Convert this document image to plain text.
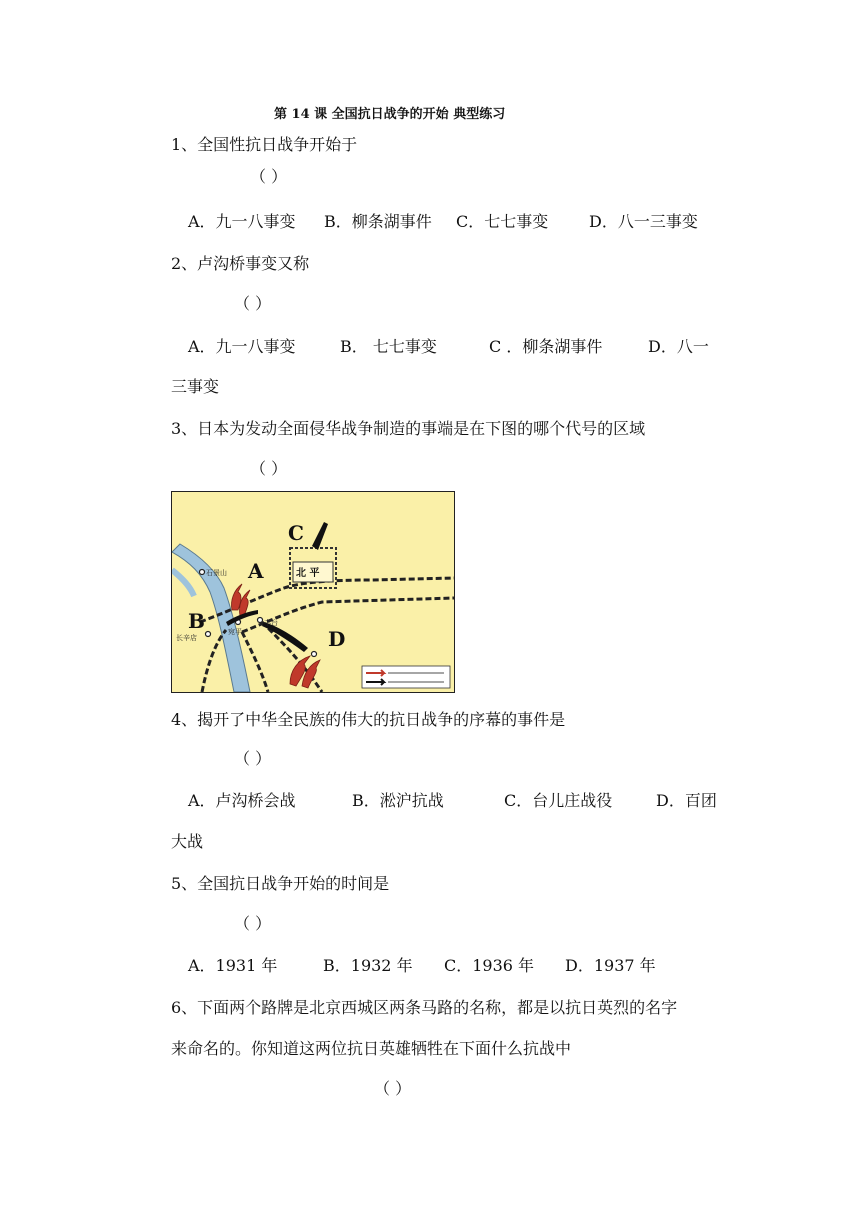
第 14 课 全国抗日战争的开始 典型练习
1、全国性抗日战争开始于
（ ）
A．九一八事变 B．柳条湖事件 C．七七事变	D．八一三事变
2、卢沟桥事变又称
（ ）
A．九一八事变	B． 七七事变	C ．柳条湖事件	D．八一
三事变
3、日本为发动全面侵华战争制造的事端是在下图的哪个代号的区域
（ ）
A
B
C
D
北 平
石景山
宛平
丰台
长辛店
4、揭开了中华全民族的伟大的抗日战争的序幕的事件是
（ ）
A．卢沟桥会战	B．淞沪抗战	C．台儿庄战役	D．百团
大战
5、全国抗日战争开始的时间是
（ ）
A．1931 年	B．1932 年 C．1936 年 D．1937 年
6、下面两个路牌是北京西城区两条马路的名称，都是以抗日英烈的名字
来命名的。你知道这两位抗日英雄牺牲在下面什么抗战中
（ ）
